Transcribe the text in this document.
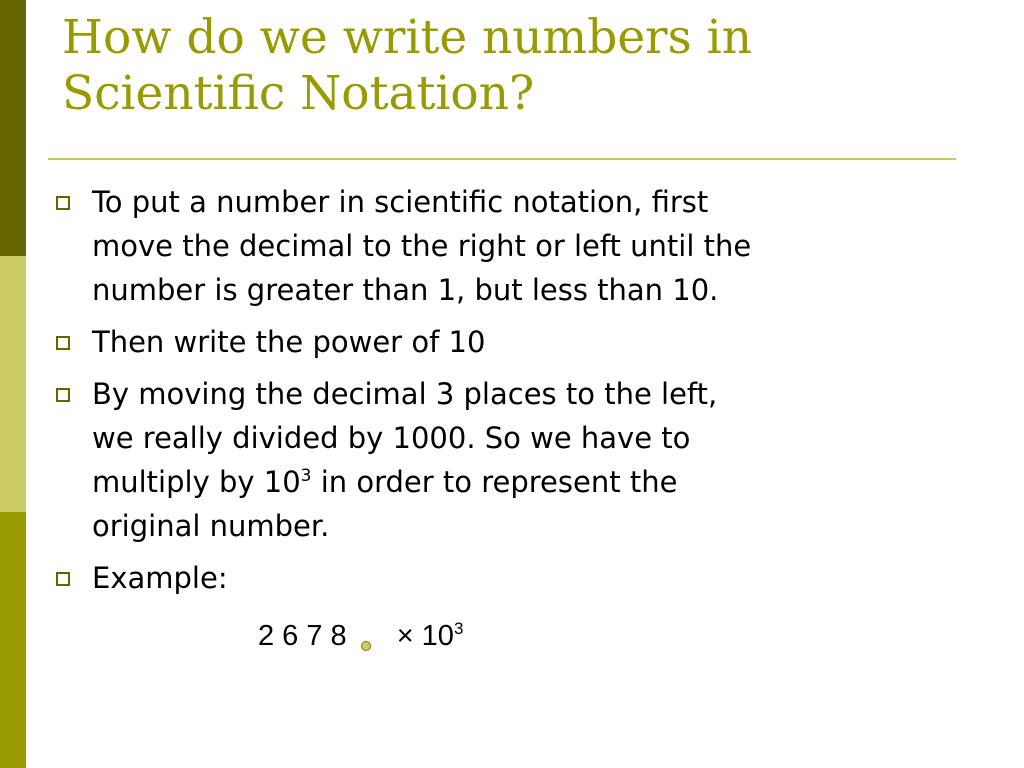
How do we write numbers in
Scientific Notation?
To put a number in scientific notation, first
move the decimal to the right or left until the
number is greater than 1, but less than 10.
Then write the power of 10
By moving the decimal 3 places to the left,
we really divided by 1000. So we have to
multiply by $10^3$ in order to represent the
original number.
Example:
2 6 7 $8 \times 10^3$
